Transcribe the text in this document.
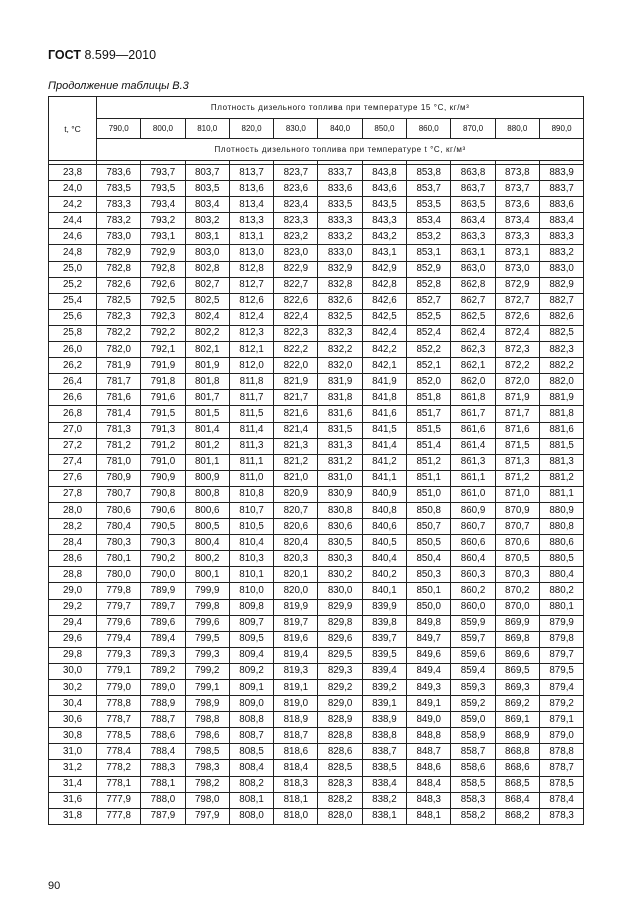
ГОСТ 8.599—2010
Продолжение таблицы В.3
t, °C	Плотность дизельного топлива при температуре 15 °С, кг/м³										
	790,0	800,0	810,0	820,0	830,0	840,0	850,0	860,0	870,0	880,0	890,0
	Плотность дизельного топлива при температуре t °С, кг/м³										

23,8	783,6	793,7	803,7	813,7	823,7	833,7	843,8	853,8	863,8	873,8	883,9
24,0	783,5	793,5	803,5	813,6	823,6	833,6	843,6	853,7	863,7	873,7	883,7
24,2	783,3	793,4	803,4	813,4	823,4	833,5	843,5	853,5	863,5	873,6	883,6
24,4	783,2	793,2	803,2	813,3	823,3	833,3	843,3	853,4	863,4	873,4	883,4
24,6	783,0	793,1	803,1	813,1	823,2	833,2	843,2	853,2	863,3	873,3	883,3
24,8	782,9	792,9	803,0	813,0	823,0	833,0	843,1	853,1	863,1	873,1	883,2
25,0	782,8	792,8	802,8	812,8	822,9	832,9	842,9	852,9	863,0	873,0	883,0
25,2	782,6	792,6	802,7	812,7	822,7	832,8	842,8	852,8	862,8	872,9	882,9
25,4	782,5	792,5	802,5	812,6	822,6	832,6	842,6	852,7	862,7	872,7	882,7
25,6	782,3	792,3	802,4	812,4	822,4	832,5	842,5	852,5	862,5	872,6	882,6
25,8	782,2	792,2	802,2	812,3	822,3	832,3	842,4	852,4	862,4	872,4	882,5
26,0	782,0	792,1	802,1	812,1	822,2	832,2	842,2	852,2	862,3	872,3	882,3
26,2	781,9	791,9	801,9	812,0	822,0	832,0	842,1	852,1	862,1	872,2	882,2
26,4	781,7	791,8	801,8	811,8	821,9	831,9	841,9	852,0	862,0	872,0	882,0
26,6	781,6	791,6	801,7	811,7	821,7	831,8	841,8	851,8	861,8	871,9	881,9
26,8	781,4	791,5	801,5	811,5	821,6	831,6	841,6	851,7	861,7	871,7	881,8
27,0	781,3	791,3	801,4	811,4	821,4	831,5	841,5	851,5	861,6	871,6	881,6
27,2	781,2	791,2	801,2	811,3	821,3	831,3	841,4	851,4	861,4	871,5	881,5
27,4	781,0	791,0	801,1	811,1	821,2	831,2	841,2	851,2	861,3	871,3	881,3
27,6	780,9	790,9	800,9	811,0	821,0	831,0	841,1	851,1	861,1	871,2	881,2
27,8	780,7	790,8	800,8	810,8	820,9	830,9	840,9	851,0	861,0	871,0	881,1
28,0	780,6	790,6	800,6	810,7	820,7	830,8	840,8	850,8	860,9	870,9	880,9
28,2	780,4	790,5	800,5	810,5	820,6	830,6	840,6	850,7	860,7	870,7	880,8
28,4	780,3	790,3	800,4	810,4	820,4	830,5	840,5	850,5	860,6	870,6	880,6
28,6	780,1	790,2	800,2	810,3	820,3	830,3	840,4	850,4	860,4	870,5	880,5
28,8	780,0	790,0	800,1	810,1	820,1	830,2	840,2	850,3	860,3	870,3	880,4
29,0	779,8	789,9	799,9	810,0	820,0	830,0	840,1	850,1	860,2	870,2	880,2
29,2	779,7	789,7	799,8	809,8	819,9	829,9	839,9	850,0	860,0	870,0	880,1
29,4	779,6	789,6	799,6	809,7	819,7	829,8	839,8	849,8	859,9	869,9	879,9
29,6	779,4	789,4	799,5	809,5	819,6	829,6	839,7	849,7	859,7	869,8	879,8
29,8	779,3	789,3	799,3	809,4	819,4	829,5	839,5	849,6	859,6	869,6	879,7
30,0	779,1	789,2	799,2	809,2	819,3	829,3	839,4	849,4	859,4	869,5	879,5
30,2	779,0	789,0	799,1	809,1	819,1	829,2	839,2	849,3	859,3	869,3	879,4
30,4	778,8	788,9	798,9	809,0	819,0	829,0	839,1	849,1	859,2	869,2	879,2
30,6	778,7	788,7	798,8	808,8	818,9	828,9	838,9	849,0	859,0	869,1	879,1
30,8	778,5	788,6	798,6	808,7	818,7	828,8	838,8	848,8	858,9	868,9	879,0
31,0	778,4	788,4	798,5	808,5	818,6	828,6	838,7	848,7	858,7	868,8	878,8
31,2	778,2	788,3	798,3	808,4	818,4	828,5	838,5	848,6	858,6	868,6	878,7
31,4	778,1	788,1	798,2	808,2	818,3	828,3	838,4	848,4	858,5	868,5	878,5
31,6	777,9	788,0	798,0	808,1	818,1	828,2	838,2	848,3	858,3	868,4	878,4
31,8	777,8	787,9	797,9	808,0	818,0	828,0	838,1	848,1	858,2	868,2	878,3
90
